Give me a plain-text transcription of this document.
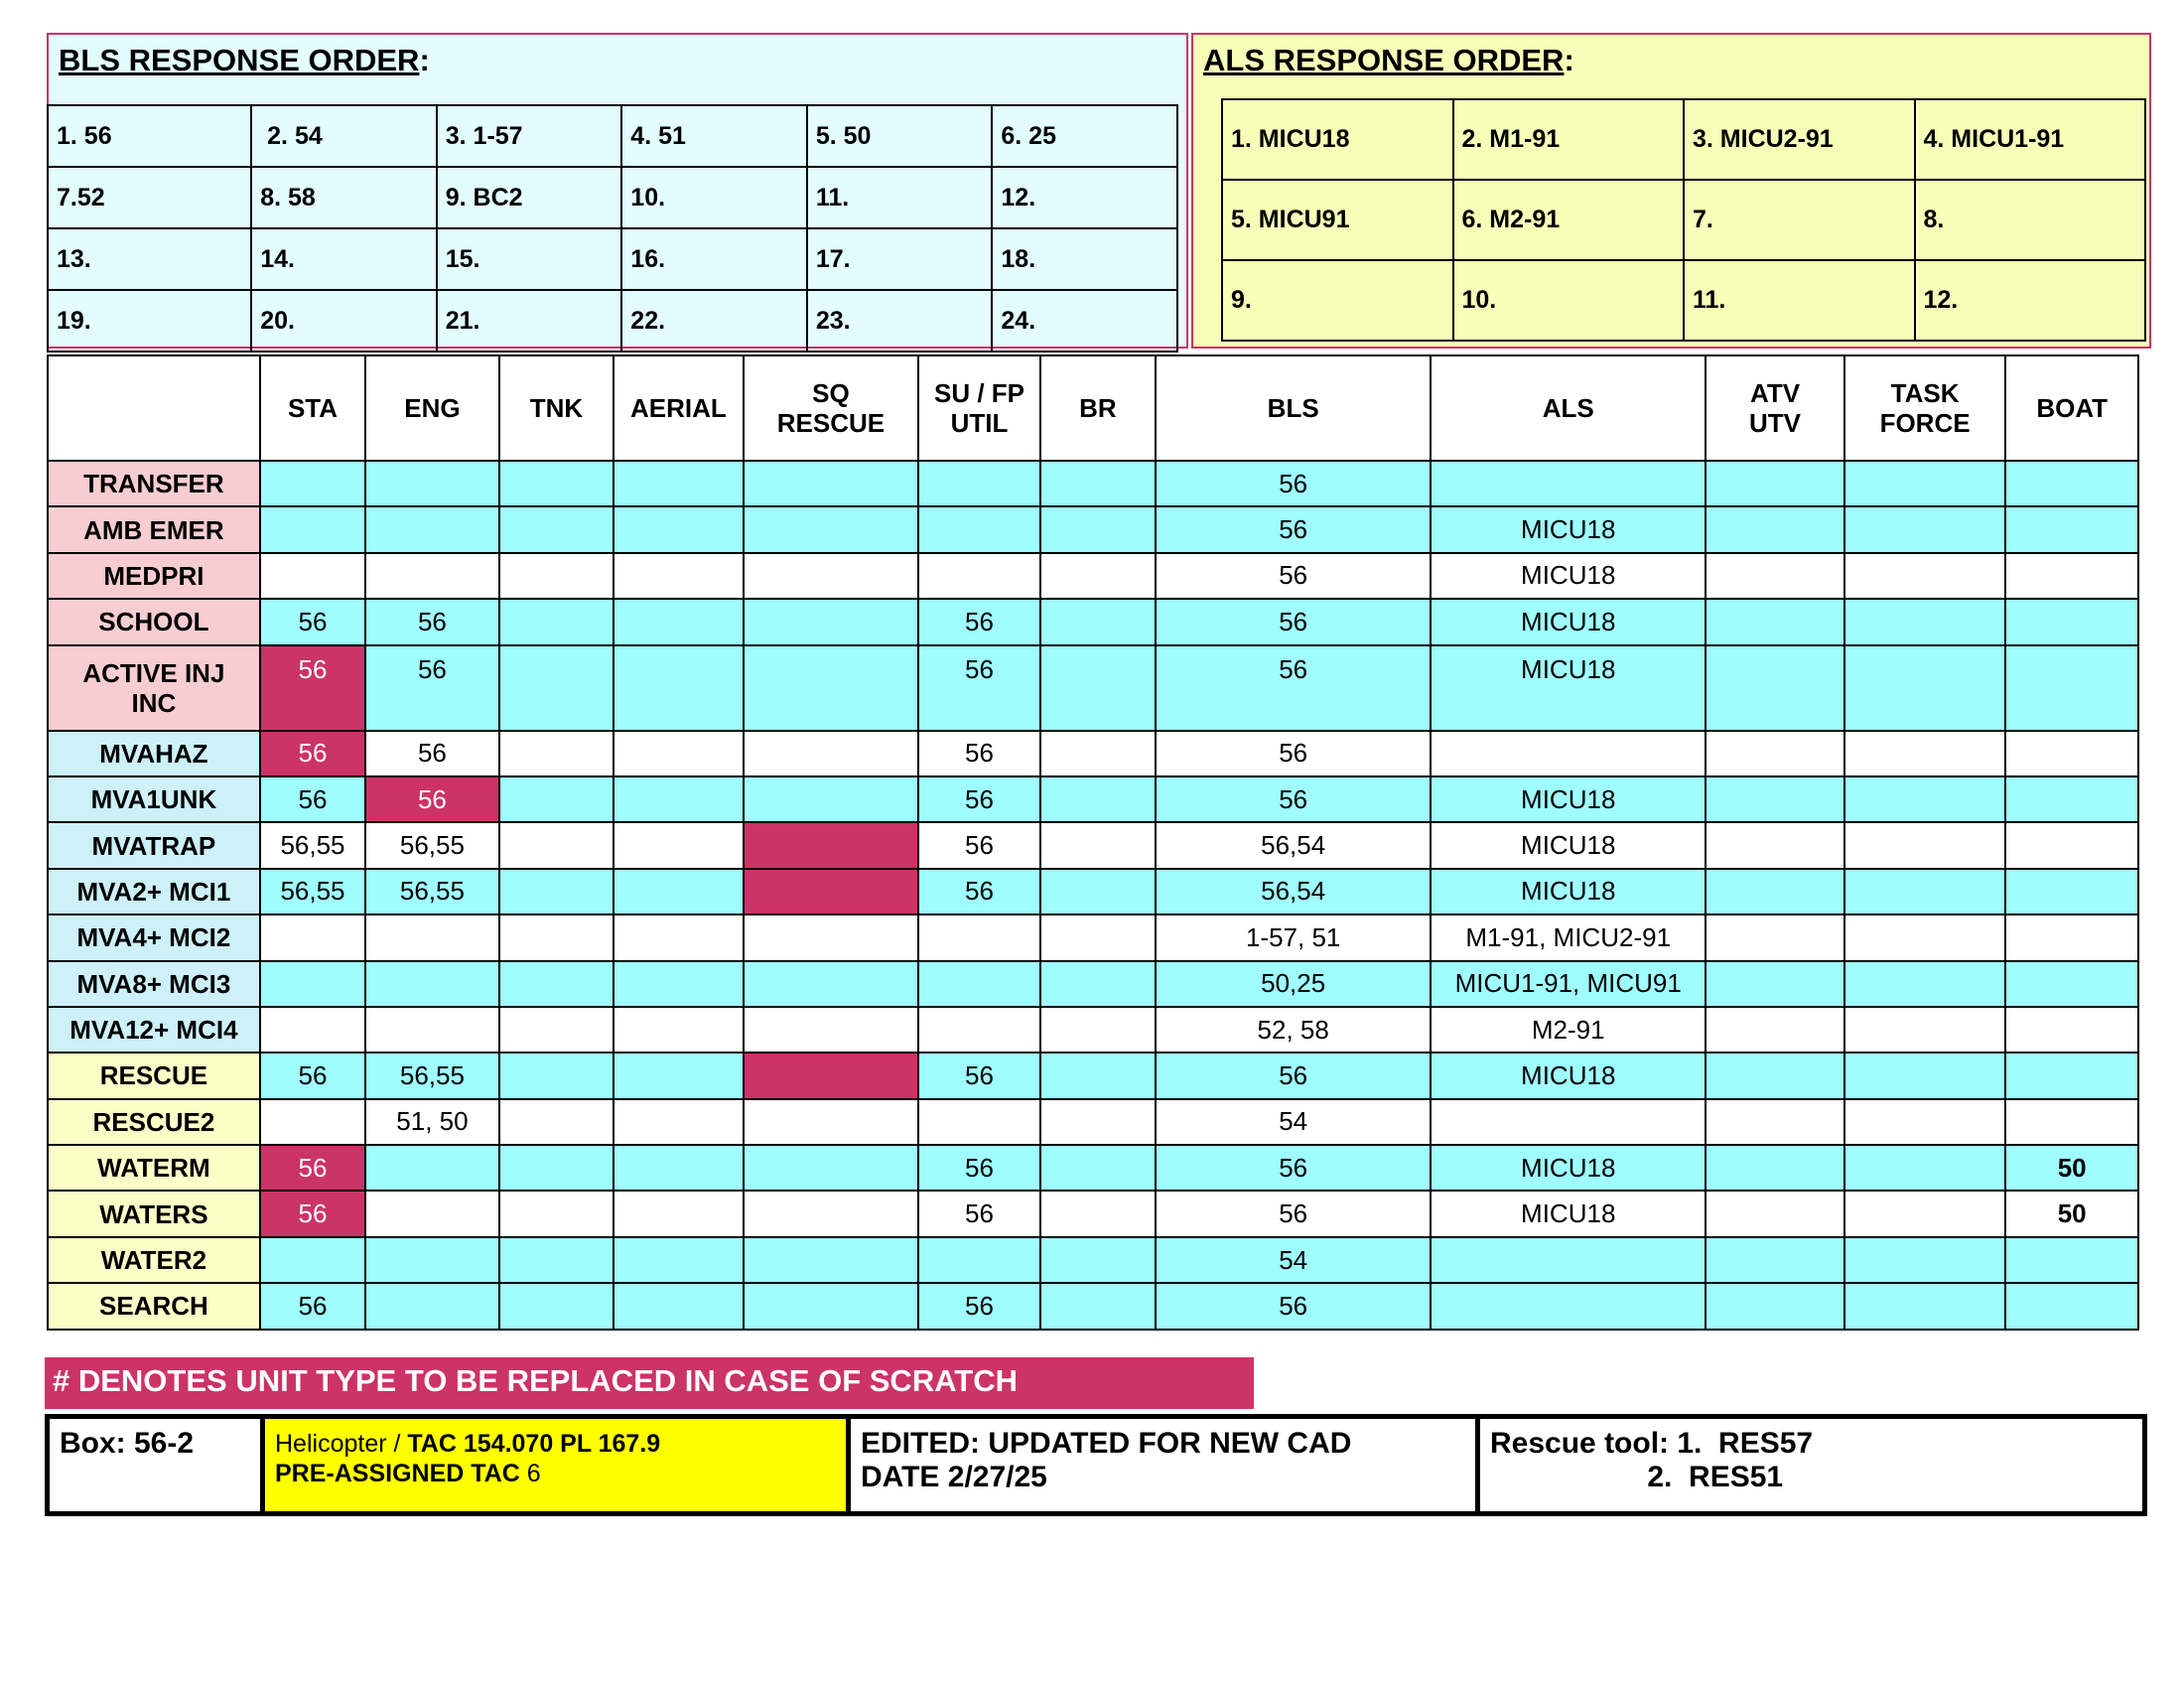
BLS RESPONSE ORDER:
1. 56	2. 54	3. 1-57	4. 51	5. 50	6. 25
7.52	8. 58	9. BC2	10.	11.	12.
13.	14.	15.	16.	17.	18.
19.	20.	21.	22.	23.	24.
ALS RESPONSE ORDER:
1. MICU18	2. M1-91	3. MICU2-91	4. MICU1-91
5. MICU91	6. M2-91	7.	8.
9.	10.	11.	12.
	STA	ENG	TNK	AERIAL	SQ
RESCUE	SU / FP
UTIL	BR	BLS	ALS	ATV
UTV	TASK
FORCE	BOAT
TRANSFER								56				
AMB EMER								56	MICU18			
MEDPRI								56	MICU18			
SCHOOL	56	56				56		56	MICU18			
ACTIVE INJ
INC	56	56				56		56	MICU18			
MVAHAZ	56	56				56		56				
MVA1UNK	56	56				56		56	MICU18			
MVATRAP	56,55	56,55				56		56,54	MICU18			
MVA2+ MCI1	56,55	56,55				56		56,54	MICU18			
MVA4+ MCI2								1-57, 51	M1-91, MICU2-91			
MVA8+ MCI3								50,25	MICU1-91, MICU91			
MVA12+ MCI4								52, 58	M2-91			
RESCUE	56	56,55				56		56	MICU18			
RESCUE2		51, 50						54				
WATERM	56					56		56	MICU18			50
WATERS	56					56		56	MICU18			50
WATER2								54				
SEARCH	56					56		56				
# DENOTES UNIT TYPE TO BE REPLACED IN CASE OF SCRATCH
Box: 56-2	Helicopter / TAC 154.070 PL 167.9
PRE-ASSIGNED TAC 6
EDITED: UPDATED FOR NEW CAD
DATE 2/27/25
Rescue tool: 1.  RES57
2.  RES51
